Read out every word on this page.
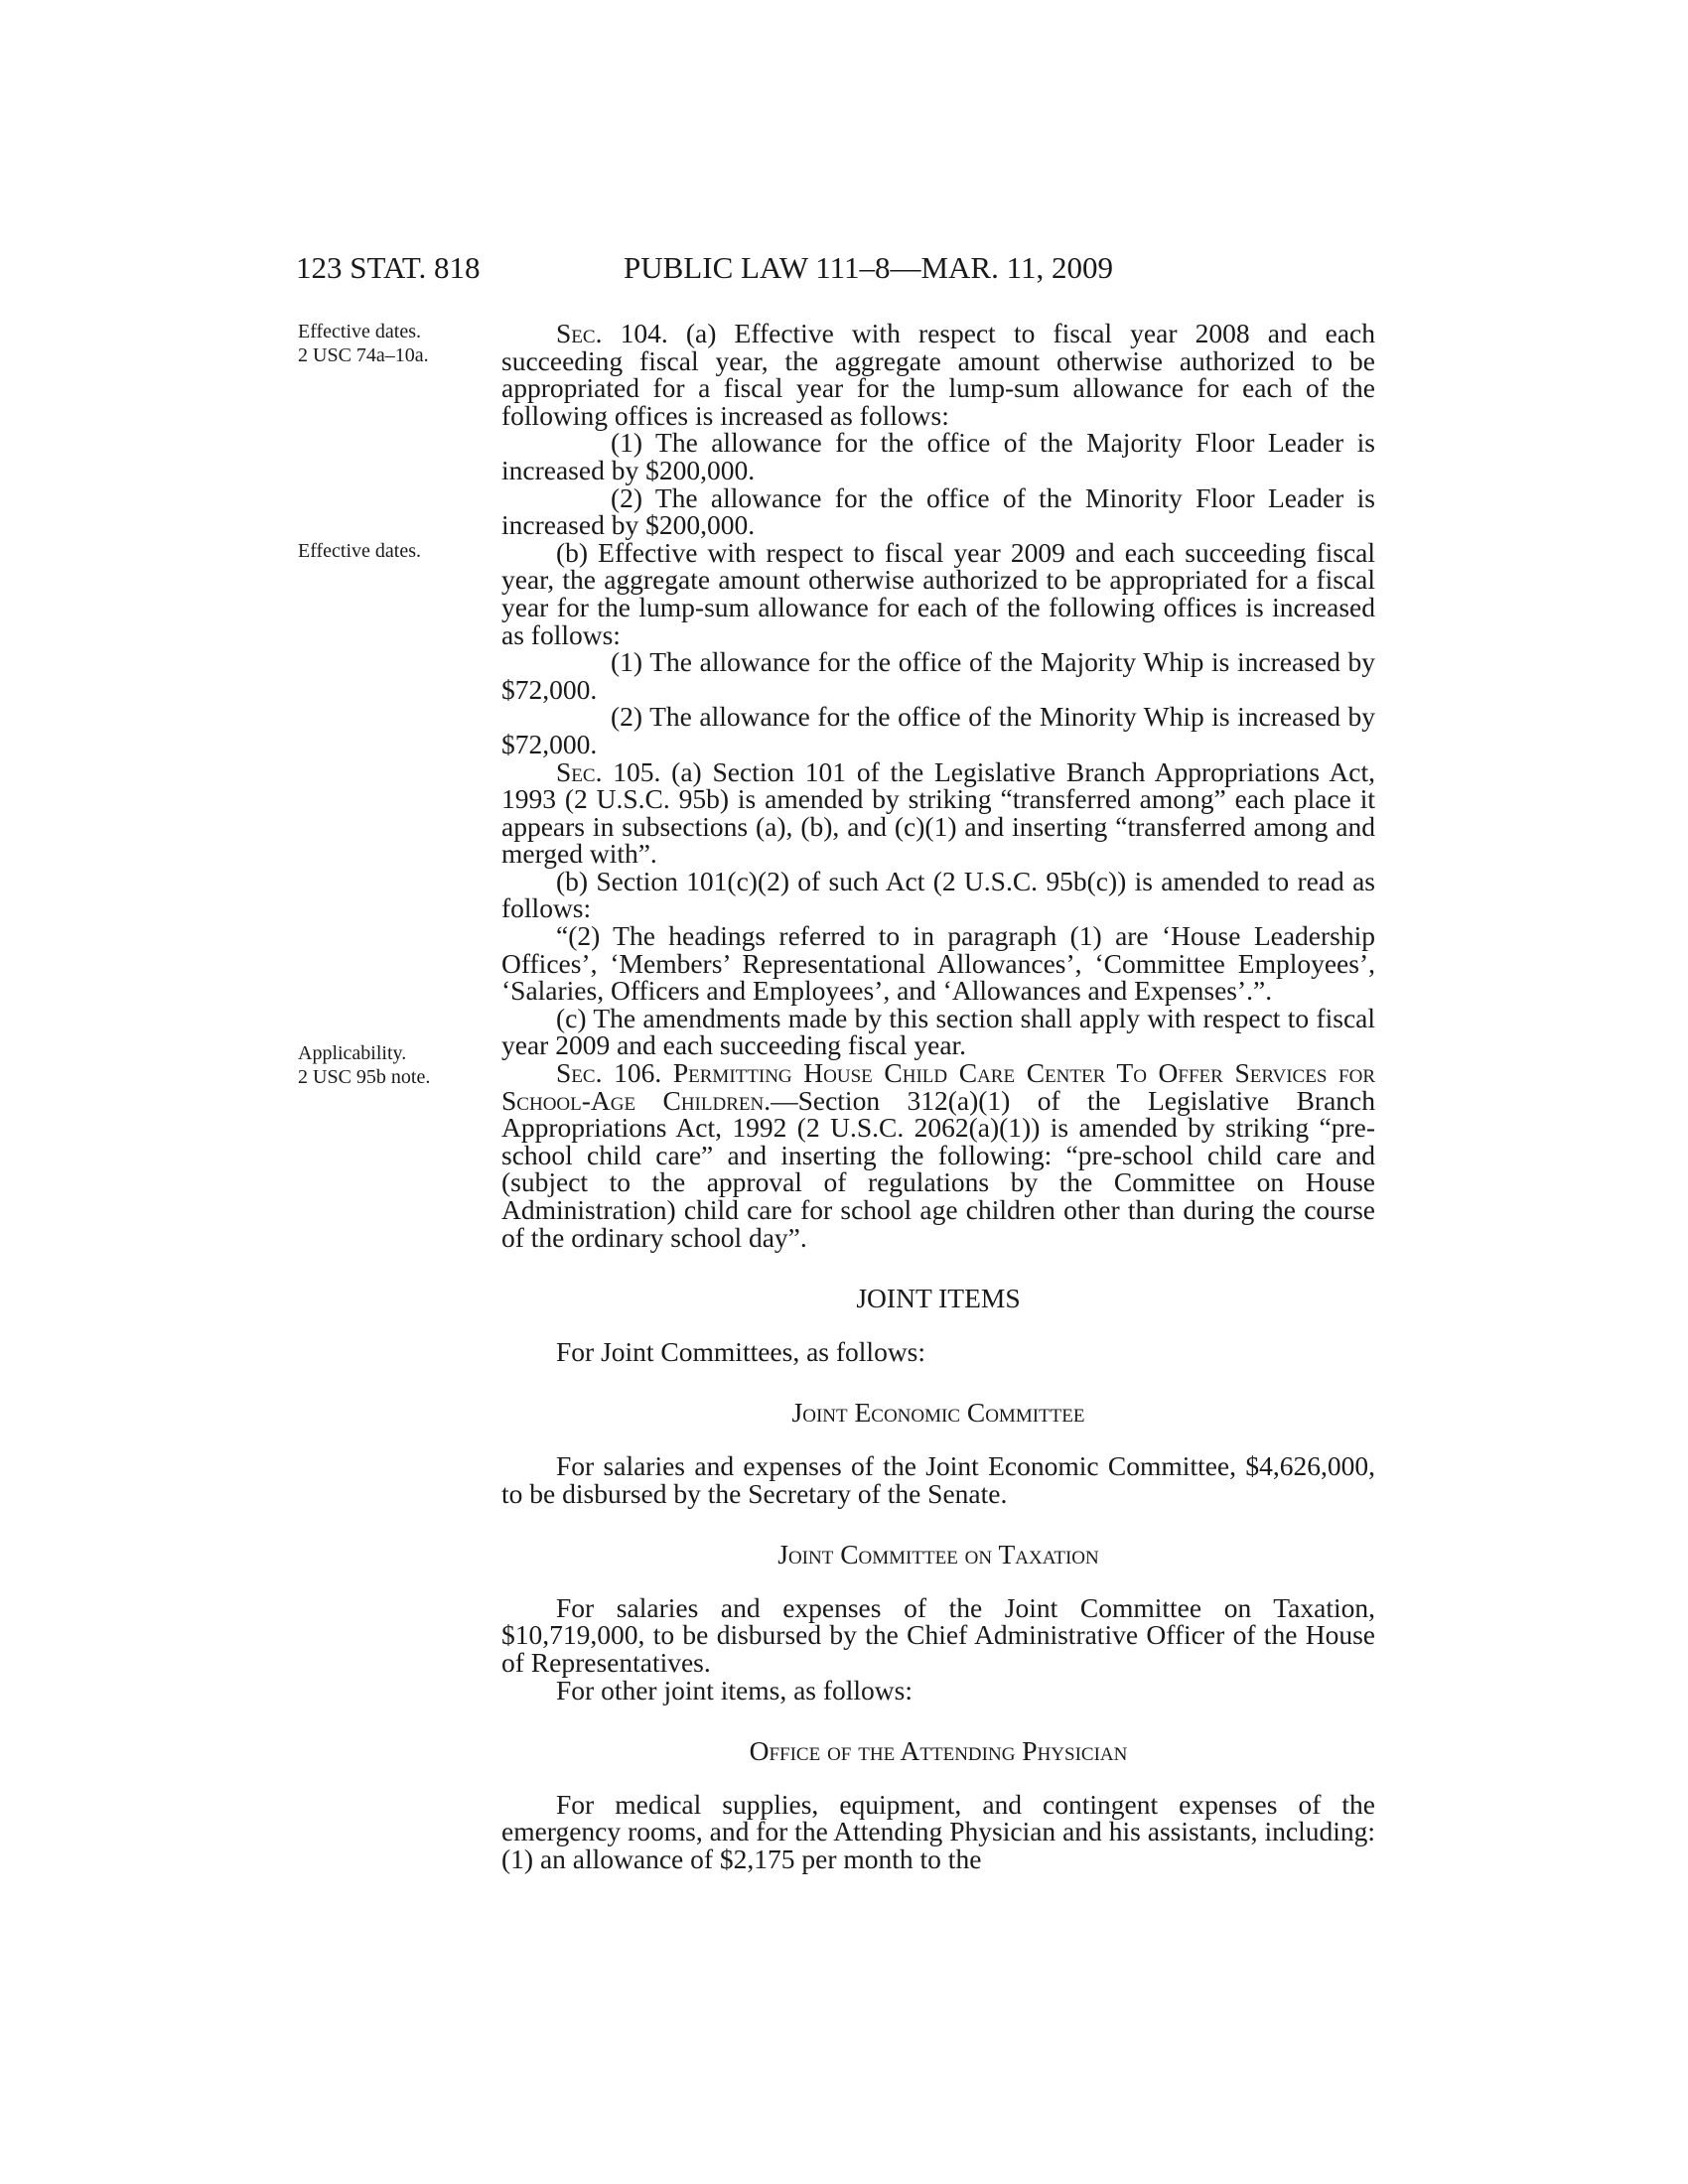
123 STAT. 818	PUBLIC LAW 111–8—MAR. 11, 2009
Effective dates.
2 USC 74a–10a.
Effective dates.
Applicability.
2 USC 95b note.

Sec. 104. (a) Effective with respect to fiscal year 2008 and each succeeding fiscal year, the aggregate amount otherwise authorized to be appropriated for a fiscal year for the lump-sum allowance for each of the following offices is increased as follows:

(1) The allowance for the office of the Majority Floor Leader is increased by $200,000.

(2) The allowance for the office of the Minority Floor Leader is increased by $200,000.

(b) Effective with respect to fiscal year 2009 and each succeeding fiscal year, the aggregate amount otherwise authorized to be appropriated for a fiscal year for the lump-sum allowance for each of the following offices is increased as follows:

(1) The allowance for the office of the Majority Whip is increased by $72,000.

(2) The allowance for the office of the Minority Whip is increased by $72,000.

Sec. 105. (a) Section 101 of the Legislative Branch Appropriations Act, 1993 (2 U.S.C. 95b) is amended by striking “transferred among” each place it appears in subsections (a), (b), and (c)(1) and inserting “transferred among and merged with”.

(b) Section 101(c)(2) of such Act (2 U.S.C. 95b(c)) is amended to read as follows:

“(2) The headings referred to in paragraph (1) are ‘House Leadership Offices’, ‘Members’ Representational Allowances’, ‘Committee Employees’, ‘Salaries, Officers and Employees’, and ‘Allowances and Expenses’.”.

(c) The amendments made by this section shall apply with respect to fiscal year 2009 and each succeeding fiscal year.

Sec. 106. Permitting House Child Care Center To Offer Services for School-Age Children.—Section 312(a)(1) of the Legislative Branch Appropriations Act, 1992 (2 U.S.C. 2062(a)(1)) is amended by striking “pre-school child care” and inserting the following: “pre-school child care and (subject to the approval of regulations by the Committee on House Administration) child care for school age children other than during the course of the ordinary school day”.

JOINT ITEMS

For Joint Committees, as follows:

Joint Economic Committee

For salaries and expenses of the Joint Economic Committee, $4,626,000, to be disbursed by the Secretary of the Senate.

Joint Committee on Taxation

For salaries and expenses of the Joint Committee on Taxation, $10,719,000, to be disbursed by the Chief Administrative Officer of the House of Representatives.

For other joint items, as follows:

Office of the Attending Physician

For medical supplies, equipment, and contingent expenses of the emergency rooms, and for the Attending Physician and his assistants, including: (1) an allowance of $2,175 per month to the
